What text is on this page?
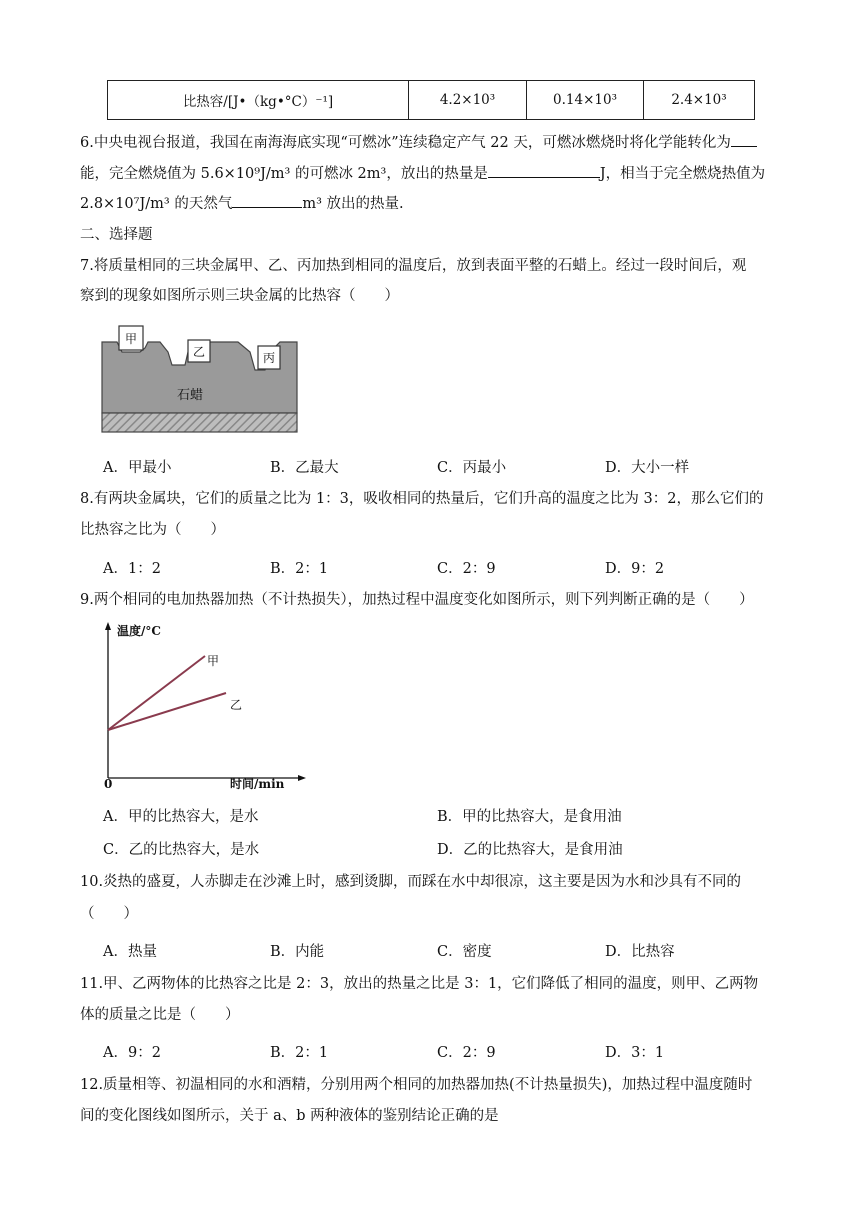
比热容/[J•（kg•°C）⁻¹]	4.2×10³	0.14×10³	2.4×10³
6.中央电视台报道，我国在南海海底实现“可燃冰”连续稳定产气 22 天，可燃冰燃烧时将化学能转化为
能，完全燃烧值为 5.6×10⁹J/m³ 的可燃冰 2m³，放出的热量是	J，相当于完全燃烧热值为
2.8×10⁷J/m³ 的天然气	m³ 放出的热量.
二、选择题
7.将质量相同的三块金属甲、乙、丙加热到相同的温度后，放到表面平整的石蜡上。经过一段时间后，观
察到的现象如图所示则三块金属的比热容（　　）
甲
乙	丙
石蜡
A．甲最小	B．乙最大	C．丙最小	D．大小一样
8.有两块金属块，它们的质量之比为 1：3，吸收相同的热量后，它们升高的温度之比为 3：2，那么它们的
比热容之比为（　　）
A．1：2	B．2：1	C．2：9	D．9：2
9.两个相同的电加热器加热（不计热损失），加热过程中温度变化如图所示，则下列判断正确的是（　　）
温度/°C
时间/min
0
甲
乙
A．甲的比热容大，是水	B．甲的比热容大，是食用油
C．乙的比热容大，是水	D．乙的比热容大，是食用油
10.炎热的盛夏，人赤脚走在沙滩上时，感到烫脚，而踩在水中却很凉，这主要是因为水和沙具有不同的
（　　）
A．热量	B．内能	C．密度	D．比热容
11.甲、乙两物体的比热容之比是 2：3，放出的热量之比是 3：1，它们降低了相同的温度，则甲、乙两物
体的质量之比是（　　）
A．9：2	B．2：1	C．2：9	D．3：1
12.质量相等、初温相同的水和酒精，分别用两个相同的加热器加热(不计热量损失)，加热过程中温度随时
间的变化图线如图所示，关于 a、b 两种液体的鉴别结论正确的是
